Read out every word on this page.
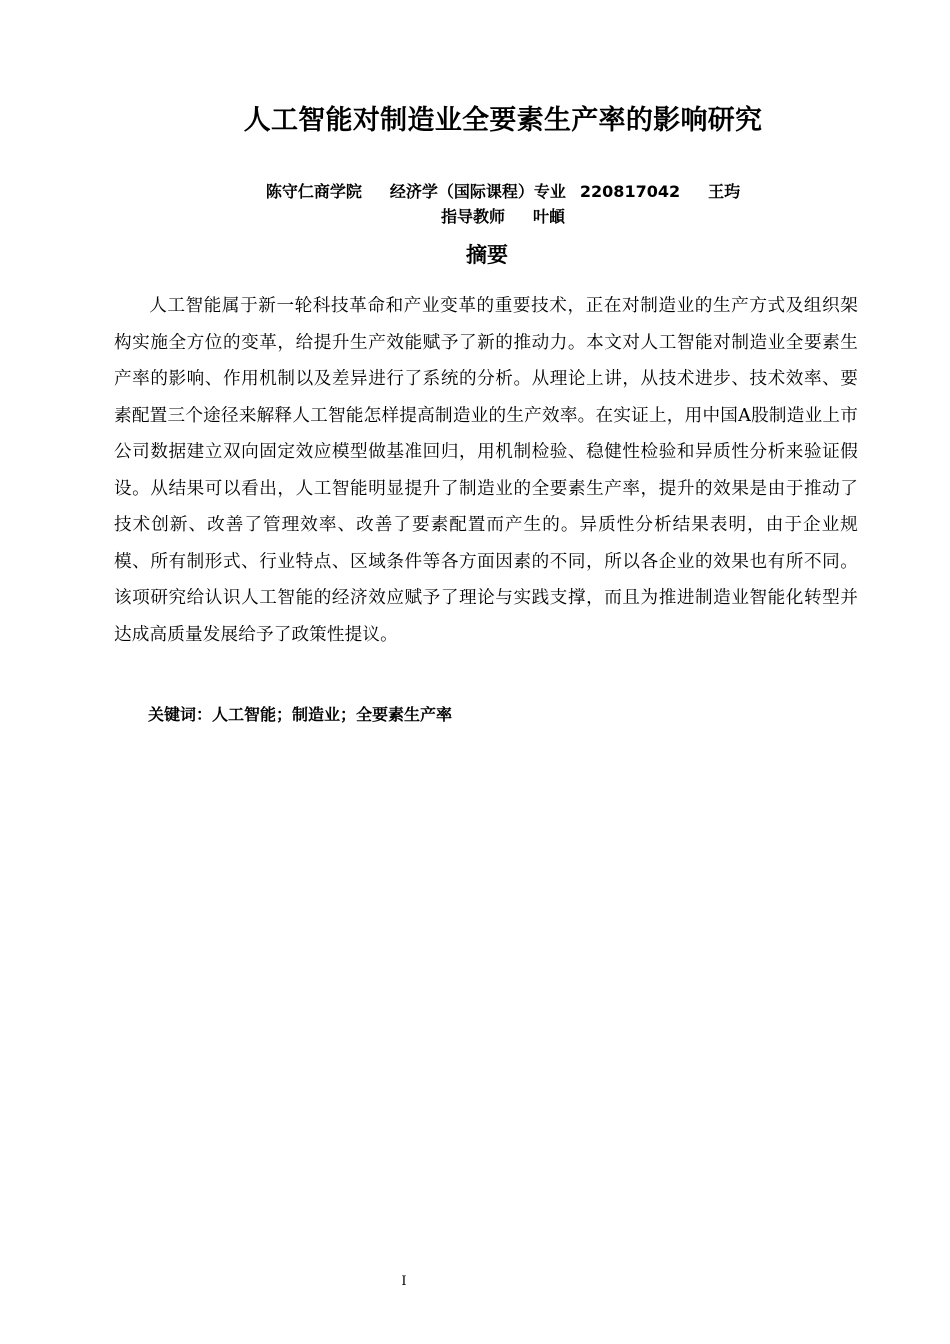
人工智能对制造业全要素生产率的影响研究
陈守仁商学院 经济学（国际课程）专业 220817042 王玙
指导教师 叶頔
摘要

人工智能属于新一轮科技革命和产业变革的重要技术，正在对制造业的生产方式及组织架构实施全方位的变革，给提升生产效能赋予了新的推动力。本文对人工智能对制造业全要素生产率的影响、作用机制以及差异进行了系统的分析。从理论上讲，从技术进步、技术效率、要素配置三个途径来解释人工智能怎样提高制造业的生产效率。在实证上，用中国A股制造业上市公司数据建立双向固定效应模型做基准回归，用机制检验、稳健性检验和异质性分析来验证假设。从结果可以看出，人工智能明显提升了制造业的全要素生产率，提升的效果是由于推动了技术创新、改善了管理效率、改善了要素配置而产生的。异质性分析结果表明，由于企业规模、所有制形式、行业特点、区域条件等各方面因素的不同，所以各企业的效果也有所不同。该项研究给认识人工智能的经济效应赋予了理论与实践支撑，而且为推进制造业智能化转型并达成高质量发展给予了政策性提议。

关键词：人工智能；制造业；全要素生产率
I
